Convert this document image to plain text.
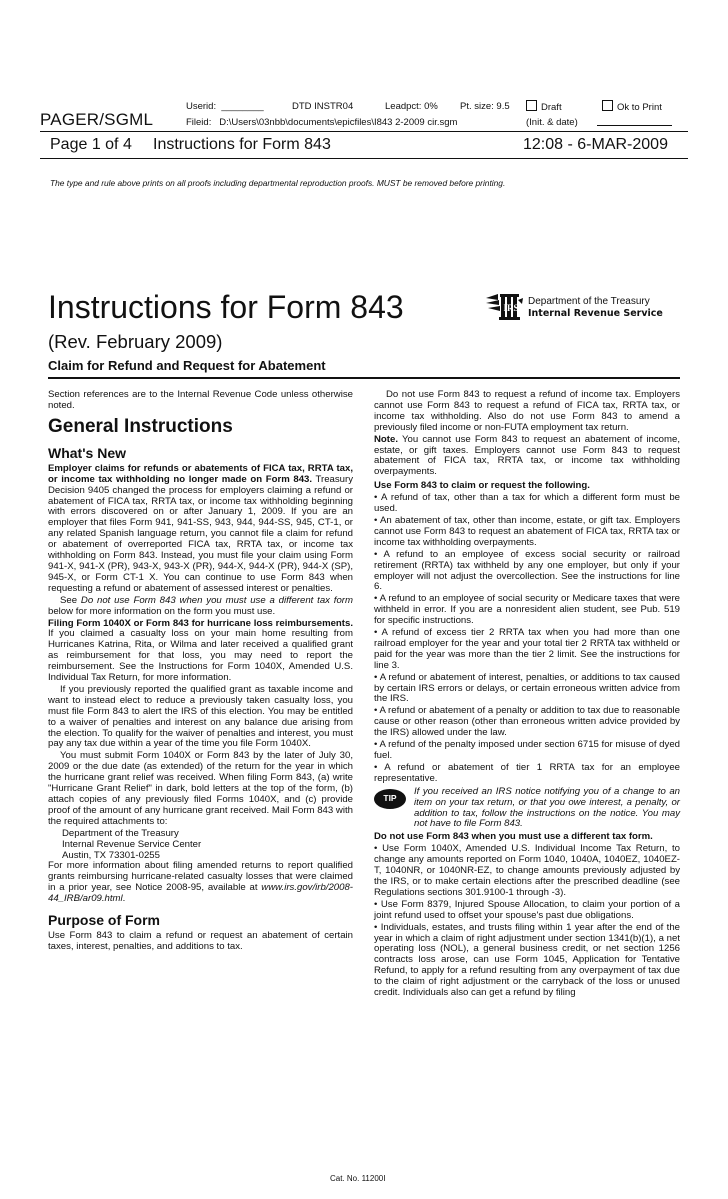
Userid: ________	DTD INSTR04	Leadpct: 0% Pt. size: 9.5	Draft	Ok to Print
PAGER/SGML	Fileid: D:\Users\03nbb\documents\epicfiles\I843 2-2009 cir.sgm	(Init. & date)
Page 1 of 4 Instructions for Form 843	12:08 - 6-MAR-2009
The type and rule above prints on all proofs including departmental reproduction proofs. MUST be removed before printing.
Instructions for Form 843
(Rev. February 2009)
Claim for Refund and Request for Abatement
IRS
Department of the Treasury
Internal Revenue Service

Section references are to the Internal Revenue Code unless otherwise noted.

General Instructions
What's New

Employer claims for refunds or abatements of FICA tax, RRTA tax, or income tax withholding no longer made on Form 843. Treasury Decision 9405 changed the process for employers claiming a refund or abatement of FICA tax, RRTA tax, or income tax withholding beginning with errors discovered on or after January 1, 2009. If you are an employer that files Form 941, 941-SS, 943, 944, 944-SS, 945, CT-1, or any related Spanish language return, you cannot file a claim for refund or abatement of overreported FICA tax, RRTA tax, or income tax withholding on Form 843. Instead, you must file your claim using Form 941-X, 941-X (PR), 943-X, 943-X (PR), 944-X, 944-X (PR), 944-X (SP), 945-X, or Form CT-1 X. You can continue to use Form 843 when requesting a refund or abatement of assessed interest or penalties.

See Do not use Form 843 when you must use a different tax form below for more information on the form you must use.

Filing Form 1040X or Form 843 for hurricane loss reimbursements. If you claimed a casualty loss on your main home resulting from Hurricanes Katrina, Rita, or Wilma and later received a qualified grant as reimbursement for that loss, you may need to report the reimbursement. See the Instructions for Form 1040X, Amended U.S. Individual Tax Return, for more information.

If you previously reported the qualified grant as taxable income and want to instead elect to reduce a previously taken casualty loss, you must file Form 843 to alert the IRS of this election. You may be entitled to a waiver of penalties and interest on any balance due arising from the election. To qualify for the waiver of penalties and interest, you must pay any tax due within a year of the time you file Form 1040X.

You must submit Form 1040X or Form 843 by the later of July 30, 2009 or the due date (as extended) of the return for the year in which the hurricane grant relief was received. When filing Form 843, (a) write "Hurricane Grant Relief" in dark, bold letters at the top of the form, (b) attach copies of any previously filed Forms 1040X, and (c) provide proof of the amount of any hurricane grant received. Mail Form 843 with the required attachments to:

Department of the Treasury
Internal Revenue Service Center
Austin, TX 73301-0255

For more information about filing amended returns to report qualified grants reimbursing hurricane-related casualty losses that were claimed in a prior year, see Notice 2008-95, available at www.irs.gov/irb/2008-44_IRB/ar09.html.

Purpose of Form

Use Form 843 to claim a refund or request an abatement of certain taxes, interest, penalties, and additions to tax.

Do not use Form 843 to request a refund of income tax. Employers cannot use Form 843 to request a refund of FICA tax, RRTA tax, or income tax withholding. Also do not use Form 843 to amend a previously filed income or non-FUTA employment tax return.

Note. You cannot use Form 843 to request an abatement of income, estate, or gift taxes. Employers cannot use Form 843 to request abatement of FICA tax, RRTA tax, or income tax withholding overpayments.

Use Form 843 to claim or request the following.

• A refund of tax, other than a tax for which a different form must be used.

• An abatement of tax, other than income, estate, or gift tax. Employers cannot use Form 843 to request an abatement of FICA tax, RRTA tax or income tax withholding overpayments.

• A refund to an employee of excess social security or railroad retirement (RRTA) tax withheld by any one employer, but only if your employer will not adjust the overcollection. See the instructions for line 6.

• A refund to an employee of social security or Medicare taxes that were withheld in error. If you are a nonresident alien student, see Pub. 519 for specific instructions.

• A refund of excess tier 2 RRTA tax when you had more than one railroad employer for the year and your total tier 2 RRTA tax withheld or paid for the year was more than the tier 2 limit. See the instructions for line 3.

• A refund or abatement of interest, penalties, or additions to tax caused by certain IRS errors or delays, or certain erroneous written advice from the IRS.

• A refund or abatement of a penalty or addition to tax due to reasonable cause or other reason (other than erroneous written advice provided by the IRS) allowed under the law.

• A refund of the penalty imposed under section 6715 for misuse of dyed fuel.

• A refund or abatement of tier 1 RRTA tax for an employee representative.

TIP
If you received an IRS notice notifying you of a change to an item on your tax return, or that you owe interest, a penalty, or addition to tax, follow the instructions on the notice. You may not have to file Form 843.

Do not use Form 843 when you must use a different tax form.

• Use Form 1040X, Amended U.S. Individual Income Tax Return, to change any amounts reported on Form 1040, 1040A, 1040EZ, 1040EZ-T, 1040NR, or 1040NR-EZ, to change amounts previously adjusted by the IRS, or to make certain elections after the prescribed deadline (see Regulations sections 301.9100-1 through -3).

• Use Form 8379, Injured Spouse Allocation, to claim your portion of a joint refund used to offset your spouse's past due obligations.

• Individuals, estates, and trusts filing within 1 year after the end of the year in which a claim of right adjustment under section 1341(b)(1), a net operating loss (NOL), a general business credit, or net section 1256 contracts loss arose, can use Form 1045, Application for Tentative Refund, to apply for a refund resulting from any overpayment of tax due to the claim of right adjustment or the carryback of the loss or unused credit. Individuals also can get a refund by filing

Cat. No. 11200I
